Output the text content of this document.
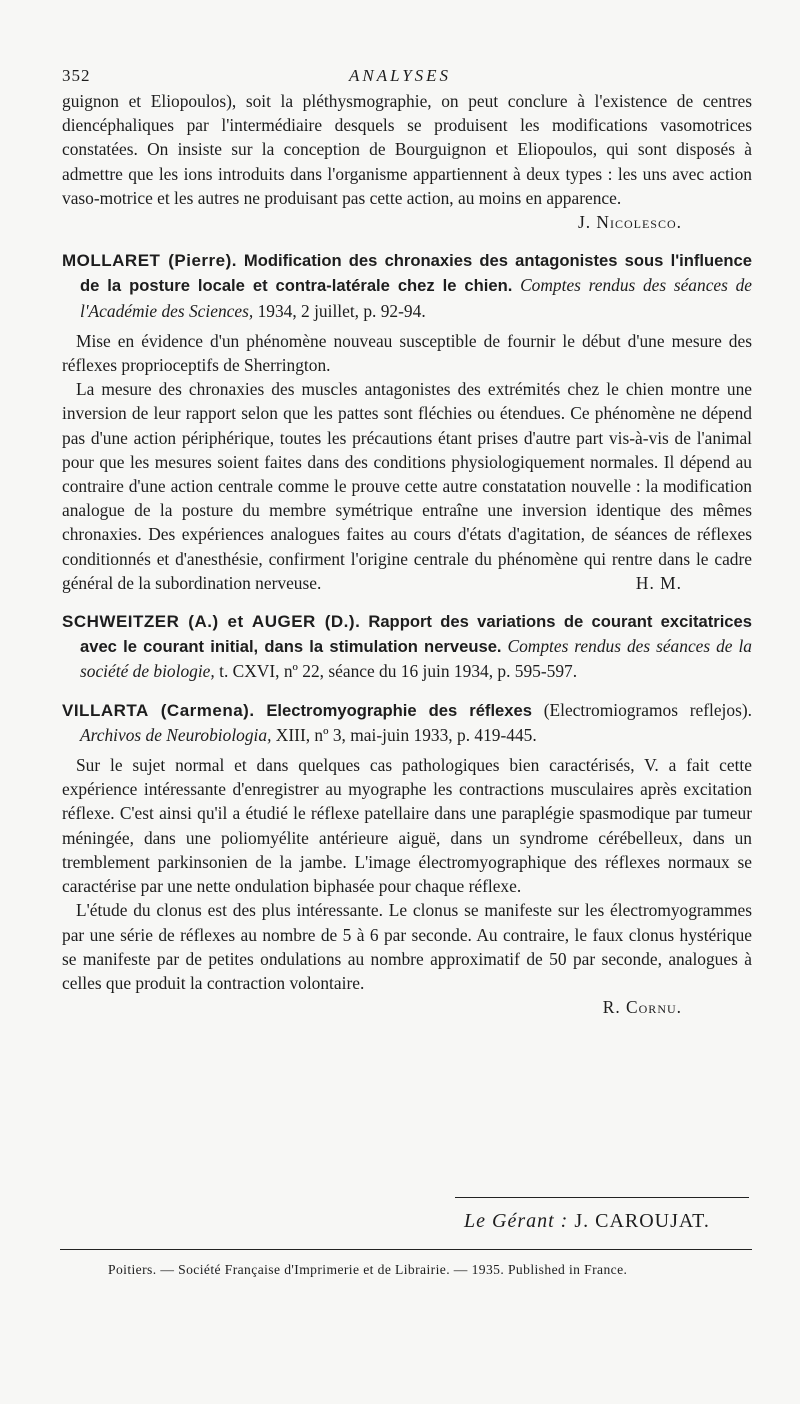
352	ANALYSES

guignon et Eliopoulos), soit la pléthysmographie, on peut conclure à l'existence de centres diencéphaliques par l'intermédiaire desquels se produisent les modifications vasomotrices constatées. On insiste sur la conception de Bourguignon et Eliopoulos, qui sont disposés à admettre que les ions introduits dans l'organisme appartiennent à deux types : les uns avec action vaso-motrice et les autres ne produisant pas cette action, au moins en apparence.
J. Nicolesco.

MOLLARET (Pierre). Modification des chronaxies des antagonistes sous l'influence de la posture locale et contra-latérale chez le chien. Comptes rendus des séances de l'Académie des Sciences, 1934, 2 juillet, p. 92-94.

Mise en évidence d'un phénomène nouveau susceptible de fournir le début d'une mesure des réflexes proprioceptifs de Sherrington.

La mesure des chronaxies des muscles antagonistes des extrémités chez le chien montre une inversion de leur rapport selon que les pattes sont fléchies ou étendues. Ce phénomène ne dépend pas d'une action périphérique, toutes les précautions étant prises d'autre part vis-à-vis de l'animal pour que les mesures soient faites dans des conditions physiologiquement normales. Il dépend au contraire d'une action centrale comme le prouve cette autre constatation nouvelle : la modification analogue de la posture du membre symétrique entraîne une inversion identique des mêmes chronaxies. Des expériences analogues faites au cours d'états d'agitation, de séances de réflexes conditionnés et d'anesthésie, confirment l'origine centrale du phénomène qui rentre dans le cadre général de la subordination nerveuse.	H. M.

SCHWEITZER (A.) et AUGER (D.). Rapport des variations de courant excitatrices avec le courant initial, dans la stimulation nerveuse. Comptes rendus des séances de la société de biologie, t. CXVI, nº 22, séance du 16 juin 1934, p. 595-597.

VILLARTA (Carmena). Electromyographie des réflexes (Electromiogramos reflejos). Archivos de Neurobiologia, XIII, nº 3, mai-juin 1933, p. 419-445.

Sur le sujet normal et dans quelques cas pathologiques bien caractérisés, V. a fait cette expérience intéressante d'enregistrer au myographe les contractions musculaires après excitation réflexe. C'est ainsi qu'il a étudié le réflexe patellaire dans une paraplégie spasmodique par tumeur méningée, dans une poliomyélite antérieure aiguë, dans un syndrome cérébelleux, dans un tremblement parkinsonien de la jambe. L'image électromyographique des réflexes normaux se caractérise par une nette ondulation biphasée pour chaque réflexe.

L'étude du clonus est des plus intéressante. Le clonus se manifeste sur les électromyogrammes par une série de réflexes au nombre de 5 à 6 par seconde. Au contraire, le faux clonus hystérique se manifeste par de petites ondulations au nombre approximatif de 50 par seconde, analogues à celles que produit la contraction volontaire.

R. Cornu.
Le Gérant : J. CAROUJAT.
Poitiers. — Société Française d'Imprimerie et de Librairie. — 1935. Published in France.
